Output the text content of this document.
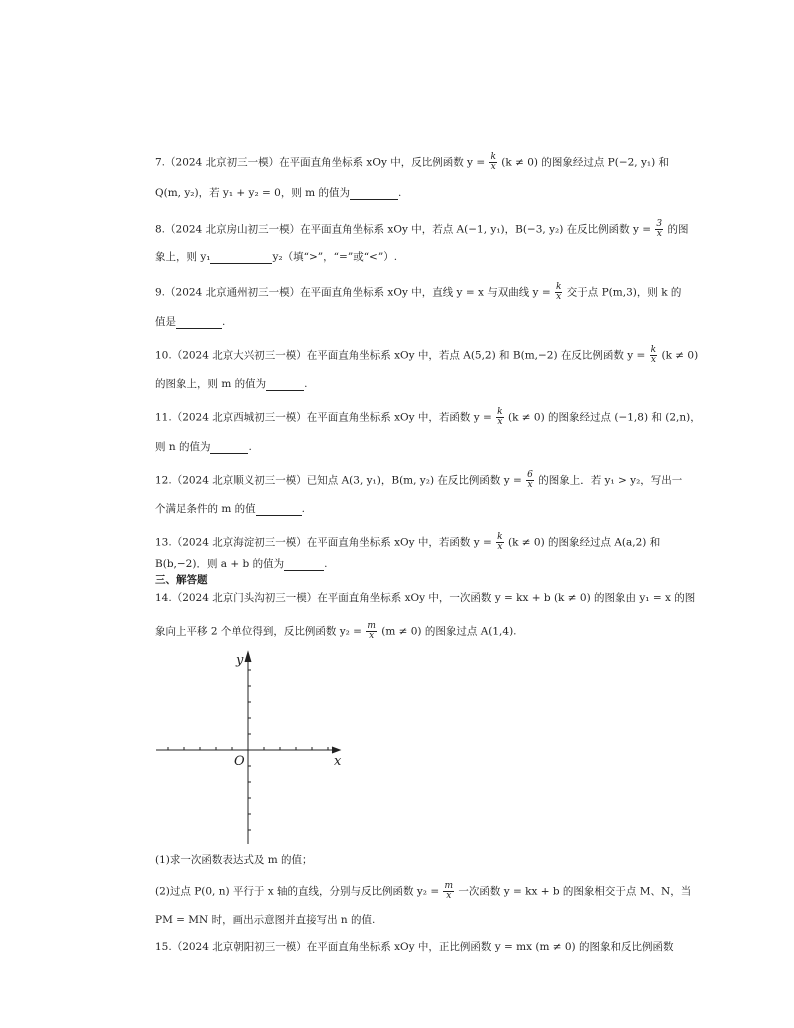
7.（2024 北京初三一模）在平面直角坐标系 xOy 中，反比例函数 $y = \frac{k}{x} (k \ne 0)$ 的图象经过点 P(−2, y₁) 和
Q(m, y₂)，若 y₁ + y₂ = 0，则 m 的值为	.
8.（2024 北京房山初三一模）在平面直角坐标系 xOy 中，若点 A(−1, y₁)，B(−3, y₂) 在反比例函数 $y = \frac{3}{x}$ 的图
象上，则 y₁	y₂（填“>”，“=”或“<”）.
9.（2024 北京通州初三一模）在平面直角坐标系 xOy 中，直线 y = x 与双曲线 $y = \frac{k}{x}$ 交于点 P(m,3)，则 k 的
值是	.
10.（2024 北京大兴初三一模）在平面直角坐标系 xOy 中，若点 A(5,2) 和 B(m,−2) 在反比例函数 $y = \frac{k}{x} (k \ne 0)$
的图象上，则 m 的值为	.
11.（2024 北京西城初三一模）在平面直角坐标系 xOy 中，若函数 $y = \frac{k}{x} (k \ne 0)$ 的图象经过点 (−1,8) 和 (2,n)，
则 n 的值为	.
12.（2024 北京顺义初三一模）已知点 A(3, y₁)，B(m, y₂) 在反比例函数 $y = \frac{6}{x}$ 的图象上．若 y₁ > y₂，写出一
个满足条件的 m 的值	.
13.（2024 北京海淀初三一模）在平面直角坐标系 xOy 中，若函数 $y = \frac{k}{x} (k \ne 0)$ 的图象经过点 A(a,2) 和
B(b,−2)．则 a + b 的值为	.
三、解答题
14.（2024 北京门头沟初三一模）在平面直角坐标系 xOy 中，一次函数 y = kx + b (k ≠ 0) 的图象由 y₁ = x 的图
象向上平移 2 个单位得到，反比例函数 $y_2 = \frac{m}{x} (m \ne 0)$ 的图象过点 A(1,4).
y
x
O
(1)求一次函数表达式及 m 的值；
(2)过点 P(0, n) 平行于 x 轴的直线，分别与反比例函数 $y_2 = \frac{m}{x}$ 一次函数 y = kx + b 的图象相交于点 M、N，当
PM = MN 时，画出示意图并直接写出 n 的值.
15.（2024 北京朝阳初三一模）在平面直角坐标系 xOy 中，正比例函数 y = mx (m ≠ 0) 的图象和反比例函数
